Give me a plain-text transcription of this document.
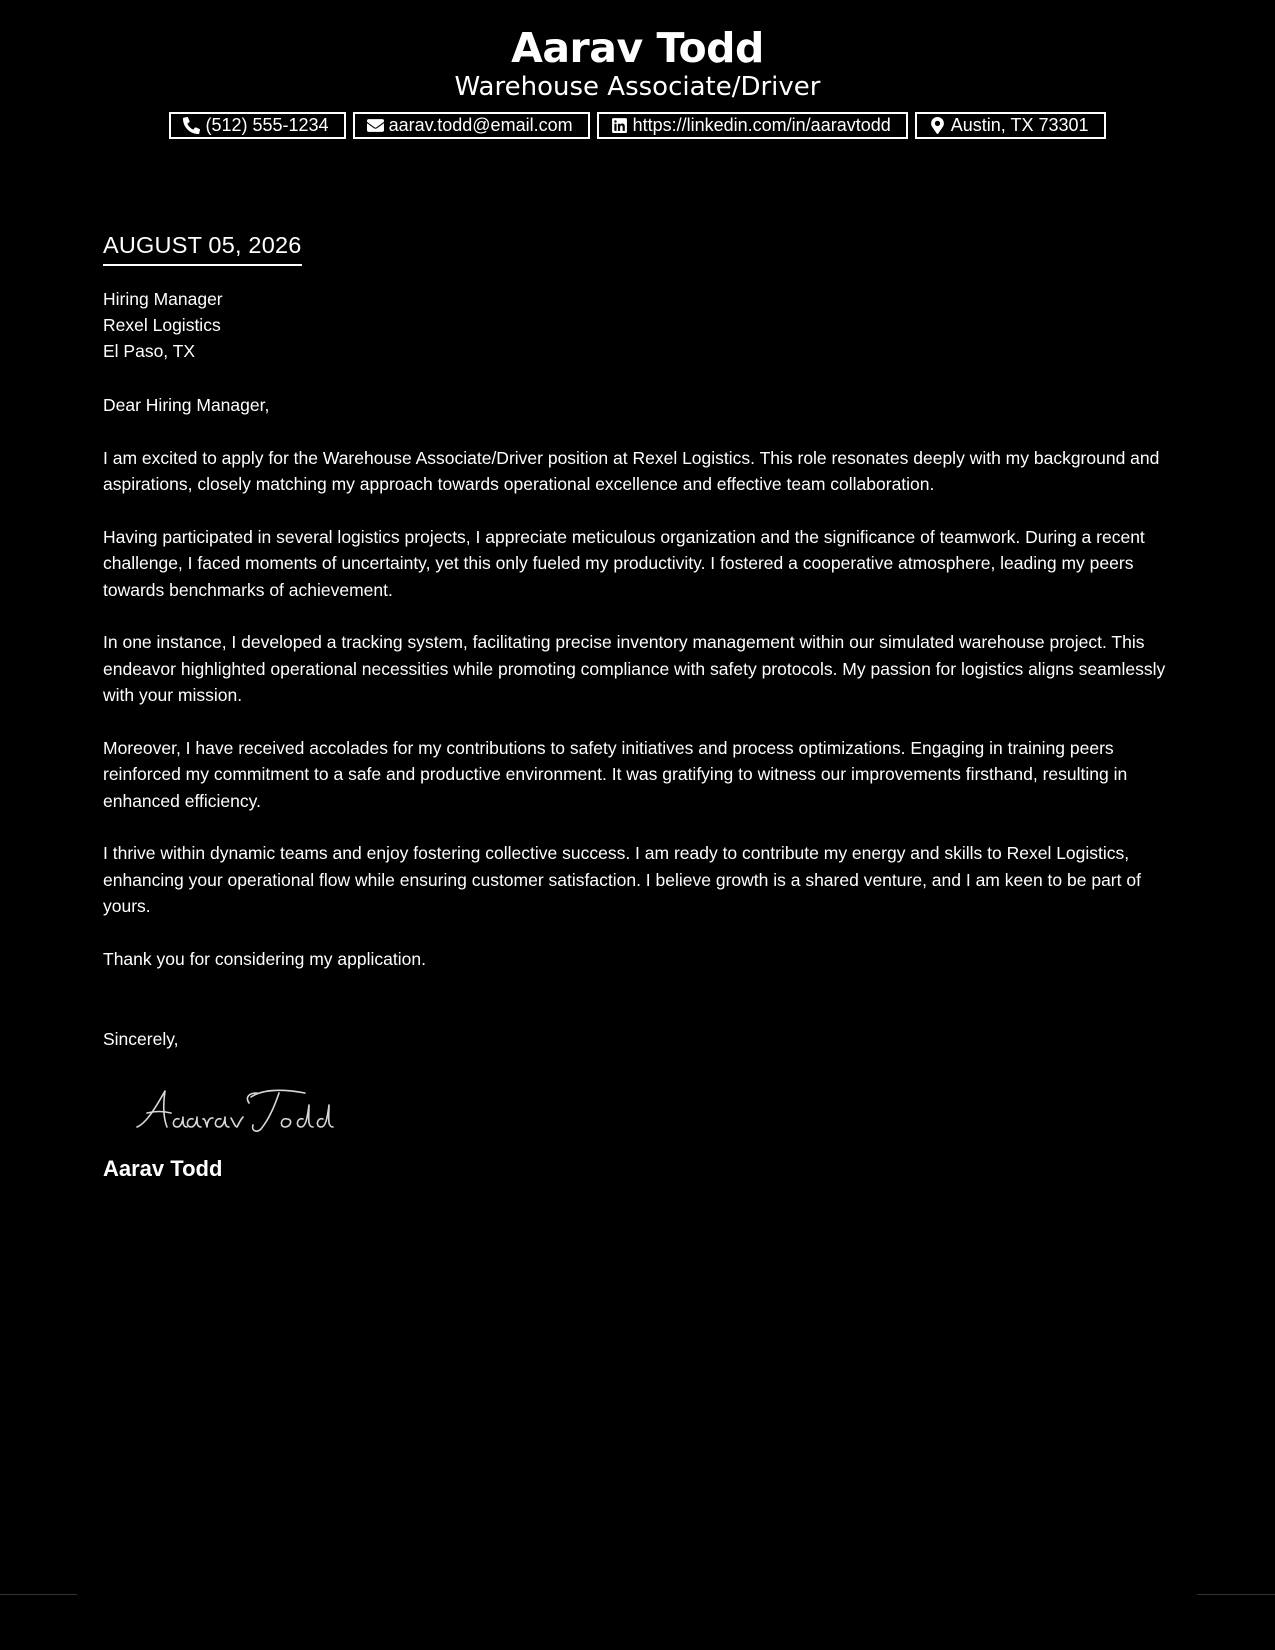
Aarav Todd
Warehouse Associate/Driver
(512) 555-1234	aarav.todd@email.com	https://linkedin.com/in/aaravtodd	Austin, TX 73301
AUGUST 05, 2026
Hiring Manager
Rexel Logistics
El Paso, TX
Dear Hiring Manager,
I am excited to apply for the Warehouse Associate/Driver position at Rexel Logistics. This role resonates deeply with my background and aspirations, closely matching my approach towards operational excellence and effective team collaboration.
Having participated in several logistics projects, I appreciate meticulous organization and the significance of teamwork. During a recent challenge, I faced moments of uncertainty, yet this only fueled my productivity. I fostered a cooperative atmosphere, leading my peers towards benchmarks of achievement.
In one instance, I developed a tracking system, facilitating precise inventory management within our simulated warehouse project. This endeavor highlighted operational necessities while promoting compliance with safety protocols. My passion for logistics aligns seamlessly with your mission.
Moreover, I have received accolades for my contributions to safety initiatives and process optimizations. Engaging in training peers reinforced my commitment to a safe and productive environment. It was gratifying to witness our improvements firsthand, resulting in enhanced efficiency.
I thrive within dynamic teams and enjoy fostering collective success. I am ready to contribute my energy and skills to Rexel Logistics, enhancing your operational flow while ensuring customer satisfaction. I believe growth is a shared venture, and I am keen to be part of yours.
Thank you for considering my application.
Sincerely,
Aarav Todd
